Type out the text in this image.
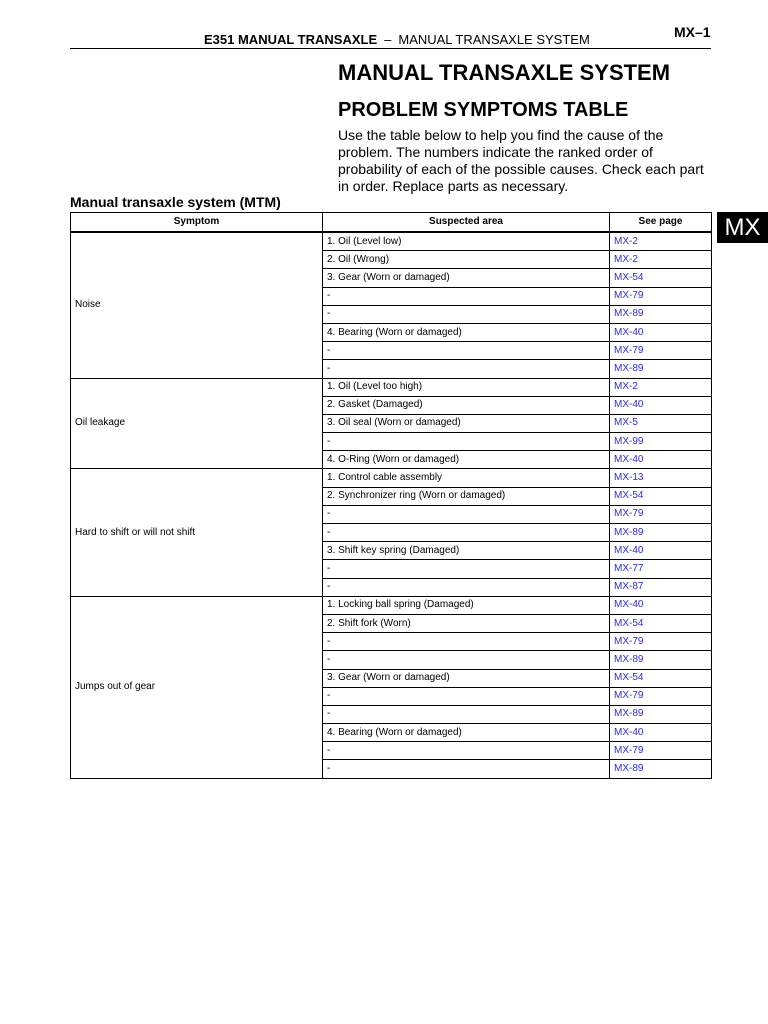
E351 MANUAL TRANSAXLE – MANUAL TRANSAXLE SYSTEM	MX–1
MX
MANUAL TRANSAXLE SYSTEM
PROBLEM SYMPTOMS TABLE
Use the table below to help you find the cause of the problem. The numbers indicate the ranked order of probability of each of the possible causes. Check each part in order. Replace parts as necessary.
Manual transaxle system (MTM)
Symptom	Suspected area	See page
Noise	1. Oil (Level low)	MX-2
	2. Oil (Wrong)	MX-2
	3. Gear (Worn or damaged)	MX-54
	-	MX-79
	-	MX-89
	4. Bearing (Worn or damaged)	MX-40
	-	MX-79
	-	MX-89
Oil leakage	1. Oil (Level too high)	MX-2
	2. Gasket (Damaged)	MX-40
	3. Oil seal (Worn or damaged)	MX-5
	-	MX-99
	4. O-Ring (Worn or damaged)	MX-40
Hard to shift or will not shift	1. Control cable assembly	MX-13
	2. Synchronizer ring (Worn or damaged)	MX-54
	-	MX-79
	-	MX-89
	3. Shift key spring (Damaged)	MX-40
	-	MX-77
	-	MX-87
Jumps out of gear	1. Locking ball spring (Damaged)	MX-40
	2. Shift fork (Worn)	MX-54
	-	MX-79
	-	MX-89
	3. Gear (Worn or damaged)	MX-54
	-	MX-79
	-	MX-89
	4. Bearing (Worn or damaged)	MX-40
	-	MX-79
	-	MX-89
